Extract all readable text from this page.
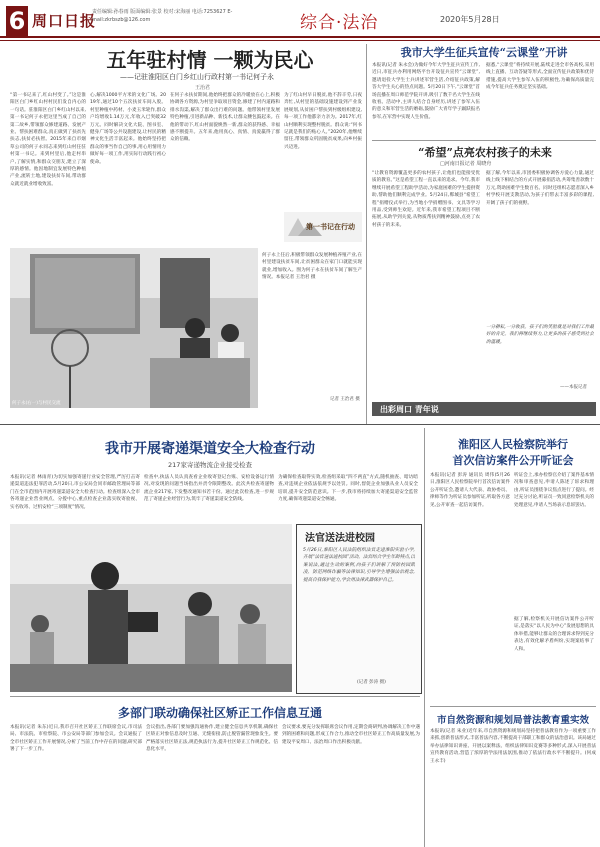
6 周口日报
责任编辑:孙春雨 版面编辑:张景 校对:宋海丽 电话:7253627 E-mail:zkrbszb@126.com	综合·法治	2020年5月28日
五年驻村情 一颗为民心
——记驻淮阳区白门乡红山行政村第一书记何子永
王治君
“第一书记来了,红山村变了。”这是淮阳区白门乡红山村村民们发自内心的一句话。驻淮阳区白门乡红山村以来,第一书记何子永把这里当成了自己的第二故乡,带领群众修建道路、发展产业、帮扶困难群众,真正做到了扶贫先扶志,扶贫必扶智。2015年来自市烟草公司的何子永同志来到红山村任驻村第一书记。来到村里后,他走村串户,了解实情,和群众交朋友,建立了深厚的感情。他因地制宜发展特色种植产业,流转土地,建设扶贫车间,带动群众就近就业增收致富。
心,解决1000平方米的文化广场。2019年,通过10个五次扶贫车间入股。村里种植中药材、小麦玉米轮作,群众户均增收1.14万元,年收入已突破32万元。同时解决文化大院、图书室、健身广场等公共设施建设,让村民的精神文化生活丰富起来。他始终坚持把群众的事当作自己的事,用心用情用力做好每一项工作,用实际行动践行初心使命。
在何子永扶贫期间,他始终把群众的冷暖放在心上,积极协调各方资源,为村里争取项目资金,修建了村内道路和排水沟渠,解决了群众出行难的问题。他带领村里发展特色种植,引进新品种、新技术,让群众腰包鼓起来。在他的带动下,红山村面貌焕然一新,群众的获得感、幸福感不断提升。五年来,他用真心、真情、真爱赢得了群众的信赖。
为了红山村早日脱贫,他不辞辛劳,日夜奔忙,从村里的基础设施建设到产业发展规划,从贫困户帮扶到村级组织建设,每一项工作他都亲力亲为。2017年,红山村顺利实现整村脱贫。群众说:“何书记就是我们的贴心人。”2020年,他继续留任,带领群众巩固脱贫成果,向乡村振兴迈进。
第一书记在行动
何子永(右一)与村民交流
何子永上任后,积极带领群众发展种植养殖产业,在村里建设扶贫车间,让贫困群众在家门口就能实现就业,增加收入。图为何子永在扶贫车间了解生产情况。本报记者 王治君 摄
记者 王治君 摄
我市大学生征兵宣传“云课堂”开讲
本报讯(记者 朱永会)为做好今年大学生征兵宣传工作,近日,市征兵办利用网络平台开设征兵宣传“云课堂”,邀请退役大学生士兵讲述军营生活,介绍征兵政策,解答大学生关心的热点问题。5月20日下午,“云课堂”首场直播在周口师范学院开讲,吸引了数千名大学生在线收看。活动中,主讲人结合自身经历,讲述了参军入伍的意义和军营生活的磨砺,鼓励广大青年学子踊跃报名参军,在军营中实现人生价值。
据悉,“云课堂”将持续开展,陆续走进全市各高校,采用线上直播、互动答疑等形式,全面宣传征兵政策和优待措施,提高大学生参军入伍的积极性,为确保高质量完成今年征兵任务奠定坚实基础。
“希望”点亮农村孩子的未来
□河南日报记者 周晓舟
“让教育资源覆盖更多的农村孩子,让他们也能接受优质的教育。”这是希望工程一直以来的追求。今年,我市继续开展希望工程助学活动,为家庭困难的学生提供资助,帮助他们顺利完成学业。5月24日,郸城县“希望工程”捐赠仪式举行,为当地小学捐赠图书、文具等学习用品,受到师生欢迎。近年来,我市希望工程项目不断拓展,从助学到关爱,从物质帮扶到精神鼓励,点亮了农村孩子的未来。
据了解,今年以来,市团委积极协调各方爱心力量,通过线上线下相结合的方式开展募捐活动,共筹集善款数十万元,资助困难学生数百名。同时还组织志愿者深入乡村学校开展支教活动,为孩子们带去丰富多彩的课程,开阔了孩子们的视野。
一分耕耘,一分收获。孩子们的笑脸就是对我们工作最好的肯定。我们将继续努力,让更多的孩子感受到社会的温暖。
——本报记者
出彩周口 青年说
我市开展寄递渠道安全大检查行动
217家寄递物流企业接受检查
本报讯(记者 林雨青)为切实加强寄递行业安全管理,严厉打击寄递渠道违法犯罪活动,5月20日,市公安局会同市邮政管理局等部门在全市范围内开展寄递渠道安全大检查行动。检查组深入全市各寄递企业营业网点、分拨中心,重点检查企业落实收寄验视、实名收寄、过机安检“三项制度”情况。
检查中,执法人员认真查看企业收寄登记台账、安检设备运行情况,对发现的问题当场指出并责令限期整改。此次共检查寄递物流企业217家,下发整改通知书若干份。通过此次检查,进一步规范了寄递企业经营行为,筑牢了寄递渠道安全防线。
为确保检查取得实效,检查组采取“四不两直”方式,随机抽查、暗访暗查,对违规企业依法依规予以处罚。同时,督促企业加强从业人员安全培训,提升安全防范意识。下一步,我市将持续加大寄递渠道安全监管力度,确保寄递渠道安全畅通。
法官送法进校园
5月26日,淮阳区人民法院组织法官走进淮阳实验小学,开展“法官送法进校园”活动。法官结合学生年龄特点,以案说法,通过生动的案例,向孩子们讲解了预防校园欺凌、防范网络诈骗等法律知识,引导学生增强法治观念,提高自我保护能力,学会用法律武器保护自己。
(记者 彭涛 摄)
淮阳区人民检察院举行
首次信访案件公开听证会
本报讯(记者 彭涛 通讯员 周伟)5月26日,淮阳区人民检察院举行首次信访案件公开听证会,邀请人大代表、政协委员、律师等作为听证员参加听证,听取各方意见,公开审查一起信访案件。
听证会上,承办检察官介绍了案件基本情况和审查意见,申请人陈述了诉求和理由,听证员围绕争议焦点进行了提问。经过充分讨论,听证员一致同意检察机关的处理意见,申请人当场表示息诉罢访。
据了解,检察机关开展信访案件公开听证,是落实“以人民为中心”发展思想的具体举措,能够让群众的合理诉求得到充分表达,有效化解矛盾纠纷,实现案结事了人和。
多部门联动确保社区矫正工作信息互通
本报讯(记者 朱东)近日,我市召开社区矫正工作联席会议,市司法局、市法院、市检察院、市公安局等部门参加会议。会议通报了全市社区矫正工作开展情况,分析了当前工作中存在的问题,研究部署了下一步工作。
会议指出,各部门要加强沟通协作,建立健全信息共享机制,确保社区矫正对象信息及时互通、无缝衔接,防止脱管漏管现象发生。要严格落实社区矫正法,规范执法行为,提升社区矫正工作规范化、信息化水平。
会议要求,要充分发挥联席会议作用,定期会商研判,协调解决工作中遇到的困难和问题,形成工作合力,推动全市社区矫正工作高质量发展,为建设平安周口、法治周口作出积极贡献。
市自然资源和规划局普法教育重实效
本报讯(记者 朱业)近年来,市自然资源和规划局坚持把普法教育作为一项重要工作来抓,创新普法形式,丰富普法内容,不断提高干部职工和群众的法治意识。该局通过举办法律知识讲座、开展以案释法、组织法律知识竞赛等多种形式,深入开展普法宣传教育活动,营造了浓厚的学法用法氛围,推动了依法行政水平不断提升。(何成 王永丰)
